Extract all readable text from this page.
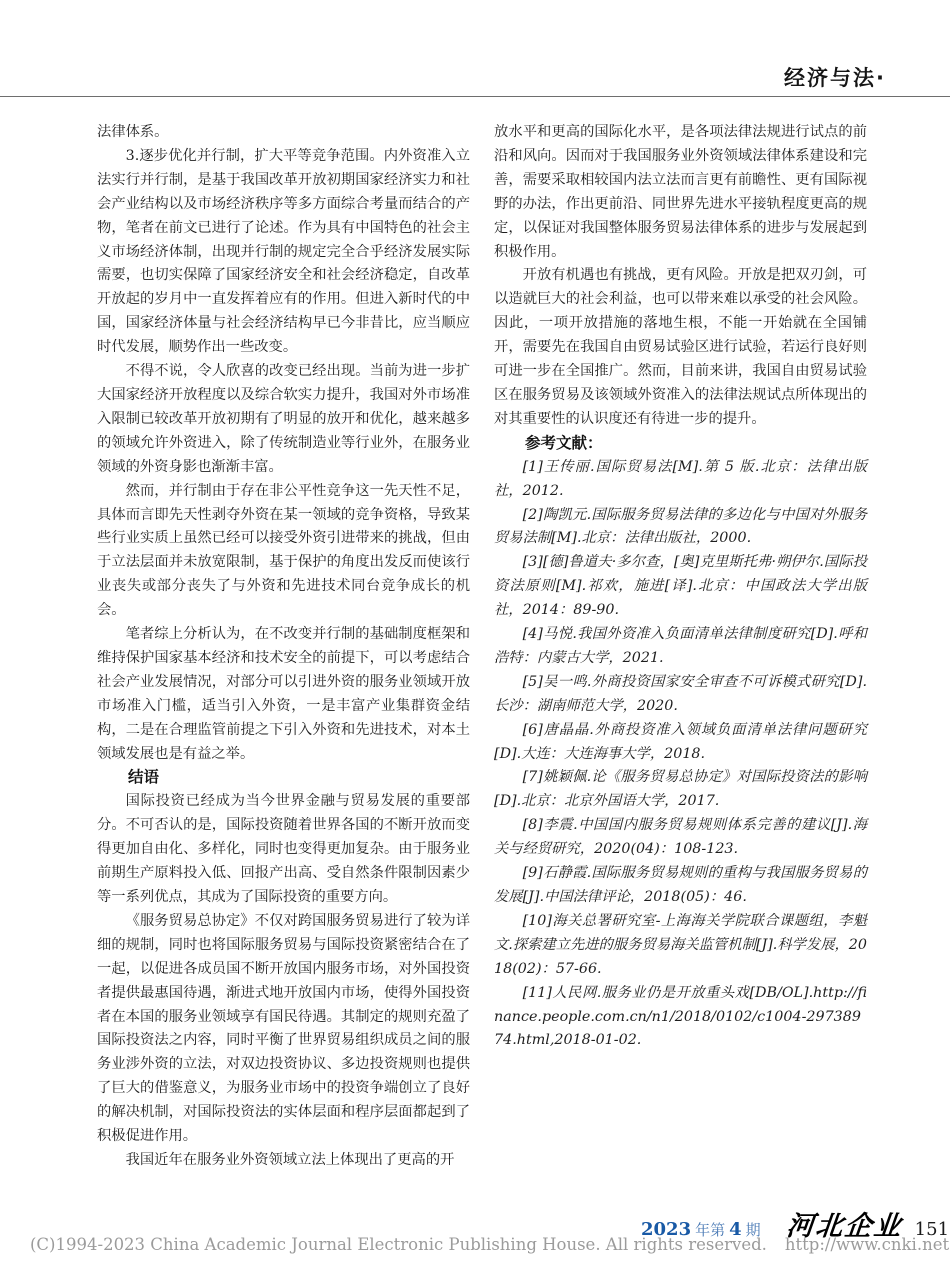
经济与法·

法律体系。

3.逐步优化并行制，扩大平等竞争范围。内外资准入立法实行并行制，是基于我国改革开放初期国家经济实力和社会产业结构以及市场经济秩序等多方面综合考量而结合的产物，笔者在前文已进行了论述。作为具有中国特色的社会主义市场经济体制，出现并行制的规定完全合乎经济发展实际需要，也切实保障了国家经济安全和社会经济稳定，自改革开放起的岁月中一直发挥着应有的作用。但进入新时代的中国，国家经济体量与社会经济结构早已今非昔比，应当顺应时代发展，顺势作出一些改变。

不得不说，令人欣喜的改变已经出现。当前为进一步扩大国家经济开放程度以及综合软实力提升，我国对外市场准入限制已较改革开放初期有了明显的放开和优化，越来越多的领域允许外资进入，除了传统制造业等行业外，在服务业领域的外资身影也渐渐丰富。

然而，并行制由于存在非公平性竞争这一先天性不足，具体而言即先天性剥夺外资在某一领域的竞争资格，导致某些行业实质上虽然已经可以接受外资引进带来的挑战，但由于立法层面并未放宽限制，基于保护的角度出发反而使该行业丧失或部分丧失了与外资和先进技术同台竞争成长的机会。

笔者综上分析认为，在不改变并行制的基础制度框架和维持保护国家基本经济和技术安全的前提下，可以考虑结合社会产业发展情况，对部分可以引进外资的服务业领域开放市场准入门槛，适当引入外资，一是丰富产业集群资金结构，二是在合理监管前提之下引入外资和先进技术，对本土领域发展也是有益之举。

结语

国际投资已经成为当今世界金融与贸易发展的重要部分。不可否认的是，国际投资随着世界各国的不断开放而变得更加自由化、多样化，同时也变得更加复杂。由于服务业前期生产原料投入低、回报产出高、受自然条件限制因素少等一系列优点，其成为了国际投资的重要方向。

《服务贸易总协定》不仅对跨国服务贸易进行了较为详细的规制，同时也将国际服务贸易与国际投资紧密结合在了一起，以促进各成员国不断开放国内服务市场，对外国投资者提供最惠国待遇，渐进式地开放国内市场，使得外国投资者在本国的服务业领域享有国民待遇。其制定的规则充盈了国际投资法之内容，同时平衡了世界贸易组织成员之间的服务业涉外资的立法，对双边投资协议、多边投资规则也提供了巨大的借鉴意义，为服务业市场中的投资争端创立了良好的解决机制，对国际投资法的实体层面和程序层面都起到了积极促进作用。

我国近年在服务业外资领域立法上体现出了更高的开

放水平和更高的国际化水平，是各项法律法规进行试点的前沿和风向。因而对于我国服务业外资领域法律体系建设和完善，需要采取相较国内法立法而言更有前瞻性、更有国际视野的办法，作出更前沿、同世界先进水平接轨程度更高的规定，以保证对我国整体服务贸易法律体系的进步与发展起到积极作用。

开放有机遇也有挑战，更有风险。开放是把双刃剑，可以造就巨大的社会利益，也可以带来难以承受的社会风险。因此，一项开放措施的落地生根，不能一开始就在全国铺开，需要先在我国自由贸易试验区进行试验，若运行良好则可进一步在全国推广。然而，目前来讲，我国自由贸易试验区在服务贸易及该领域外资准入的法律法规试点所体现出的对其重要性的认识度还有待进一步的提升。

参考文献：

[1]王传丽.国际贸易法[M].第 5 版.北京：法律出版社，2012.

[2]陶凯元.国际服务贸易法律的多边化与中国对外服务贸易法制[M].北京：法律出版社，2000.

[3][德]鲁道夫·多尔查，[奥]克里斯托弗·朔伊尔.国际投资法原则[M].祁欢，施进[译].北京：中国政法大学出版社，2014：89-90.

[4]马悦.我国外资准入负面清单法律制度研究[D].呼和浩特：内蒙古大学，2021.

[5]吴一鸣.外商投资国家安全审查不可诉模式研究[D].长沙：湖南师范大学，2020.

[6]唐晶晶.外商投资准入领域负面清单法律问题研究[D].大连：大连海事大学，2018.

[7]姚颖佩.论《服务贸易总协定》对国际投资法的影响[D].北京：北京外国语大学，2017.

[8]李震.中国国内服务贸易规则体系完善的建议[J].海关与经贸研究，2020(04)：108-123.

[9]石静霞.国际服务贸易规则的重构与我国服务贸易的发展[J].中国法律评论，2018(05)：46.

[10]海关总署研究室-上海海关学院联合课题组，李魁文.探索建立先进的服务贸易海关监管机制[J].科学发展，2018(02)：57-66.

[11]人民网.服务业仍是开放重头戏[DB/OL].http://finance.people.com.cn/n1/2018/0102/c1004-29738974.html,2018-01-02.

2023 年第 4 期 河北企业 151
(C)1994-2023 China Academic Journal Electronic Publishing House. All rights reserved. http://www.cnki.net
